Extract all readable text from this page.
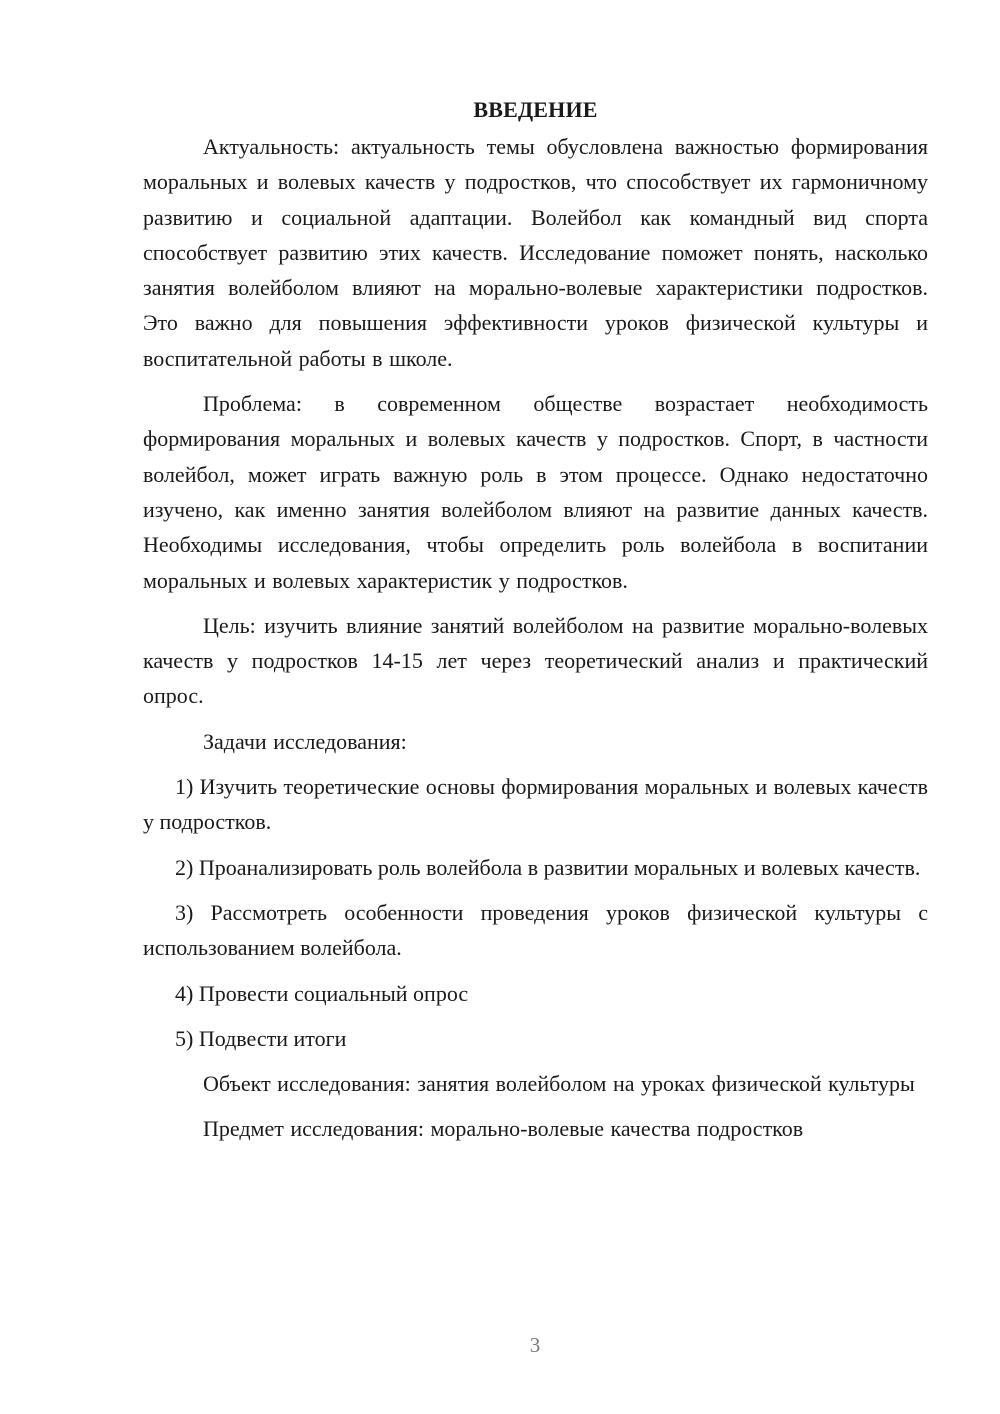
ВВЕДЕНИЕ

Актуальность: актуальность темы обусловлена важностью формирования моральных и волевых качеств у подростков, что способствует их гармоничному развитию и социальной адаптации. Волейбол как командный вид спорта способствует развитию этих качеств. Исследование поможет понять, насколько занятия волейболом влияют на морально-волевые характеристики подростков. Это важно для повышения эффективности уроков физической культуры и воспитательной работы в школе.

Проблема: в современном обществе возрастает необходимость формирования моральных и волевых качеств у подростков. Спорт, в частности волейбол, может играть важную роль в этом процессе. Однако недостаточно изучено, как именно занятия волейболом влияют на развитие данных качеств. Необходимы исследования, чтобы определить роль волейбола в воспитании моральных и волевых характеристик у подростков.

Цель: изучить влияние занятий волейболом на развитие морально-волевых качеств у подростков 14-15 лет через теоретический анализ и практический опрос.

Задачи исследования:

1) Изучить теоретические основы формирования моральных и волевых качеств у подростков.

2) Проанализировать роль волейбола в развитии моральных и волевых качеств.

3) Рассмотреть особенности проведения уроков физической культуры с использованием волейбола.

4) Провести социальный опрос

5) Подвести итоги

Объект исследования: занятия волейболом на уроках физической культуры

Предмет исследования: морально-волевые качества подростков

3
